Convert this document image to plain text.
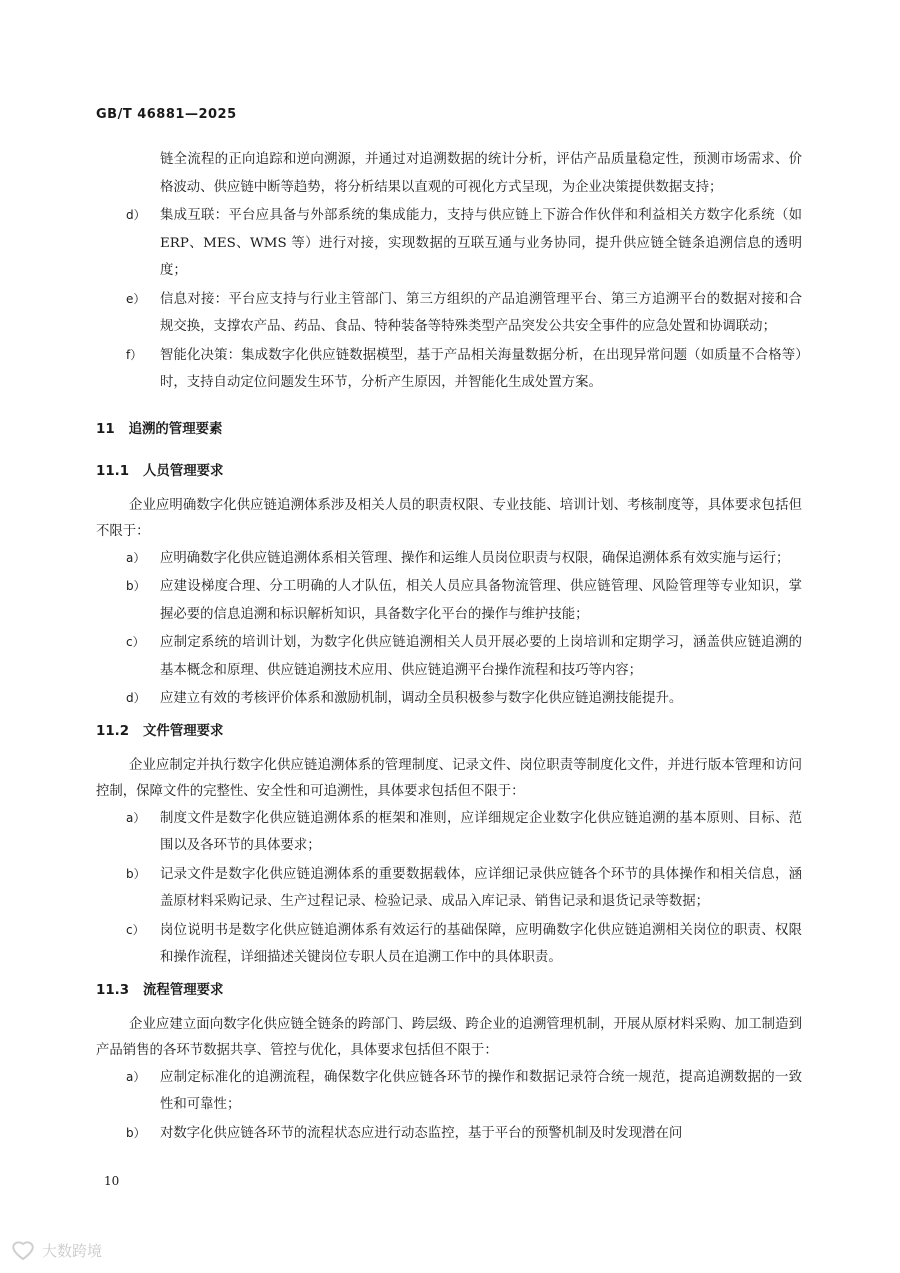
GB/T 46881—2025
链全流程的正向追踪和逆向溯源，并通过对追溯数据的统计分析，评估产品质量稳定性，预测市场需求、价格波动、供应链中断等趋势，将分析结果以直观的可视化方式呈现，为企业决策提供数据支持；
d）	集成互联：平台应具备与外部系统的集成能力，支持与供应链上下游合作伙伴和利益相关方数字化系统（如 ERP、MES、WMS 等）进行对接，实现数据的互联互通与业务协同，提升供应链全链条追溯信息的透明度；
e）	信息对接：平台应支持与行业主管部门、第三方组织的产品追溯管理平台、第三方追溯平台的数据对接和合规交换，支撑农产品、药品、食品、特种装备等特殊类型产品突发公共安全事件的应急处置和协调联动；
f）	智能化决策：集成数字化供应链数据模型，基于产品相关海量数据分析，在出现异常问题（如质量不合格等）时，支持自动定位问题发生环节，分析产生原因，并智能化生成处置方案。
11 追溯的管理要素
11.1 人员管理要求
企业应明确数字化供应链追溯体系涉及相关人员的职责权限、专业技能、培训计划、考核制度等，具体要求包括但不限于：
a）	应明确数字化供应链追溯体系相关管理、操作和运维人员岗位职责与权限，确保追溯体系有效实施与运行；
b）	应建设梯度合理、分工明确的人才队伍，相关人员应具备物流管理、供应链管理、风险管理等专业知识，掌握必要的信息追溯和标识解析知识，具备数字化平台的操作与维护技能；
c）	应制定系统的培训计划，为数字化供应链追溯相关人员开展必要的上岗培训和定期学习，涵盖供应链追溯的基本概念和原理、供应链追溯技术应用、供应链追溯平台操作流程和技巧等内容；
d）	应建立有效的考核评价体系和激励机制，调动全员积极参与数字化供应链追溯技能提升。
11.2 文件管理要求
企业应制定并执行数字化供应链追溯体系的管理制度、记录文件、岗位职责等制度化文件，并进行版本管理和访问控制，保障文件的完整性、安全性和可追溯性，具体要求包括但不限于：
a）	制度文件是数字化供应链追溯体系的框架和准则，应详细规定企业数字化供应链追溯的基本原则、目标、范围以及各环节的具体要求；
b）	记录文件是数字化供应链追溯体系的重要数据载体，应详细记录供应链各个环节的具体操作和相关信息，涵盖原材料采购记录、生产过程记录、检验记录、成品入库记录、销售记录和退货记录等数据；
c）	岗位说明书是数字化供应链追溯体系有效运行的基础保障，应明确数字化供应链追溯相关岗位的职责、权限和操作流程，详细描述关键岗位专职人员在追溯工作中的具体职责。
11.3 流程管理要求
企业应建立面向数字化供应链全链条的跨部门、跨层级、跨企业的追溯管理机制，开展从原材料采购、加工制造到产品销售的各环节数据共享、管控与优化，具体要求包括但不限于：
a）	应制定标准化的追溯流程，确保数字化供应链各环节的操作和数据记录符合统一规范，提高追溯数据的一致性和可靠性；
b）	对数字化供应链各环节的流程状态应进行动态监控，基于平台的预警机制及时发现潜在问
10
大数跨境
